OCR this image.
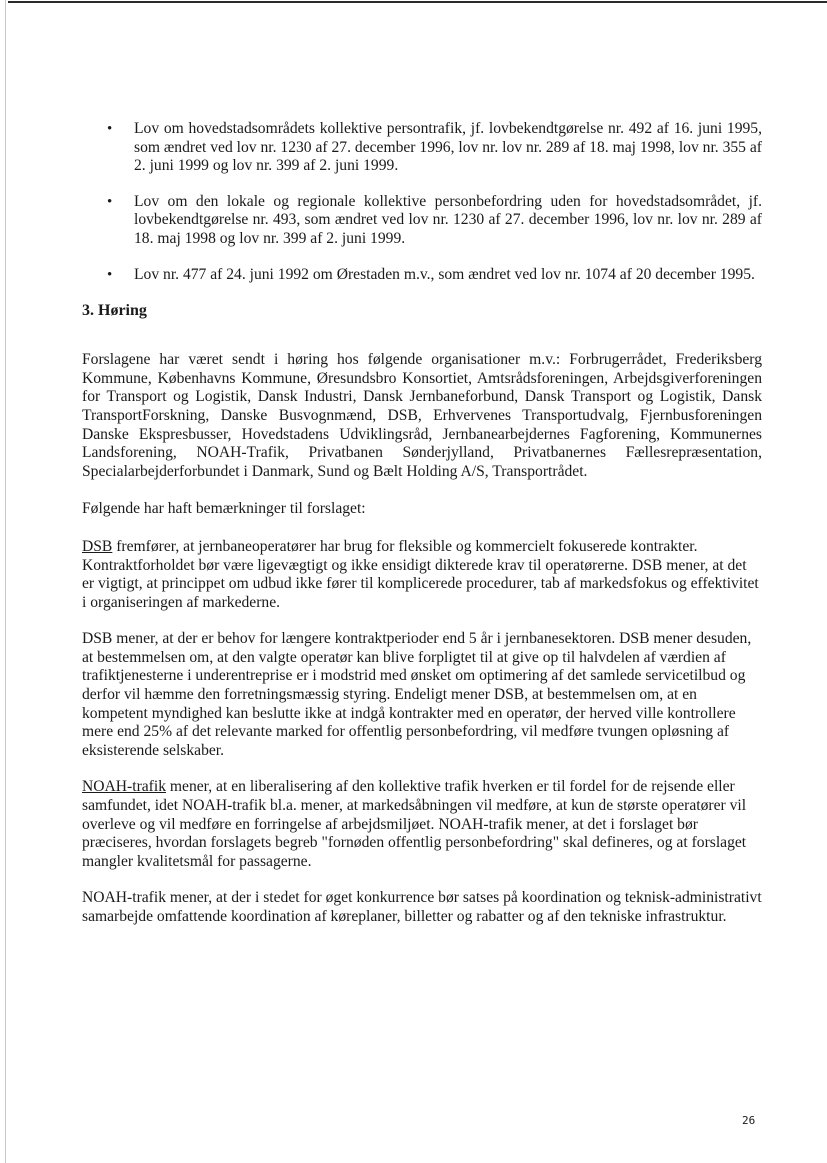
• Lov om hovedstadsområdets kollektive persontrafik, jf. lovbekendtgørelse nr. 492 af 16. juni 1995, som ændret ved lov nr. 1230 af 27. december 1996, lov nr. lov nr. 289 af 18. maj 1998, lov nr. 355 af 2. juni 1999 og lov nr. 399 af 2. juni 1999.
• Lov om den lokale og regionale kollektive personbefordring uden for hovedstadsområdet, jf. lovbekendtgørelse nr. 493, som ændret ved lov nr. 1230 af 27. december 1996, lov nr. lov nr. 289 af 18. maj 1998 og lov nr. 399 af 2. juni 1999.
• Lov nr. 477 af 24. juni 1992 om Ørestaden m.v., som ændret ved lov nr. 1074 af 20 december 1995.
3. Høring

Forslagene har været sendt i høring hos følgende organisationer m.v.: Forbrugerrådet, Frederiksberg Kommune, Københavns Kommune, Øresundsbro Konsortiet, Amtsrådsforeningen, Arbejdsgiverforeningen for Transport og Logistik, Dansk Industri, Dansk Jernbaneforbund, Dansk Transport og Logistik, Dansk TransportForskning, Danske Busvognmænd, DSB, Erhvervenes Transportudvalg, Fjernbusforeningen Danske Ekspresbusser, Hovedstadens Udviklingsråd, Jernbanearbejdernes Fagforening, Kommunernes Landsforening, NOAH-Trafik, Privatbanen Sønderjylland, Privatbanernes Fællesrepræsentation, Specialarbejderforbundet i Danmark, Sund og Bælt Holding A/S, Transportrådet.

Følgende har haft bemærkninger til forslaget:

DSB fremfører, at jernbaneoperatører har brug for fleksible og kommercielt fokuserede kontrakter. Kontraktforholdet bør være ligevægtigt og ikke ensidigt dikterede krav til operatørerne. DSB mener, at det er vigtigt, at princippet om udbud ikke fører til komplicerede procedurer, tab af markedsfokus og effektivitet i organiseringen af markederne.

DSB mener, at der er behov for længere kontraktperioder end 5 år i jernbanesektoren. DSB mener desuden, at bestemmelsen om, at den valgte operatør kan blive forpligtet til at give op til halvdelen af værdien af trafiktjenesterne i underentreprise er i modstrid med ønsket om optimering af det samlede servicetilbud og derfor vil hæmme den forretningsmæssig styring. Endeligt mener DSB, at bestemmelsen om, at en kompetent myndighed kan beslutte ikke at indgå kontrakter med en operatør, der herved ville kontrollere mere end 25% af det relevante marked for offentlig personbefordring, vil medføre tvungen opløsning af eksisterende selskaber.

NOAH-trafik mener, at en liberalisering af den kollektive trafik hverken er til fordel for de rejsende eller samfundet, idet NOAH-trafik bl.a. mener, at markedsåbningen vil medføre, at kun de største operatører vil overleve og vil medføre en forringelse af arbejdsmiljøet. NOAH-trafik mener, at det i forslaget bør præciseres, hvordan forslagets begreb "fornøden offentlig personbefordring" skal defineres, og at forslaget mangler kvalitetsmål for passagerne.

NOAH-trafik mener, at der i stedet for øget konkurrence bør satses på koordination og teknisk-administrativt samarbejde omfattende koordination af køreplaner, billetter og rabatter og af den tekniske infrastruktur.

26
